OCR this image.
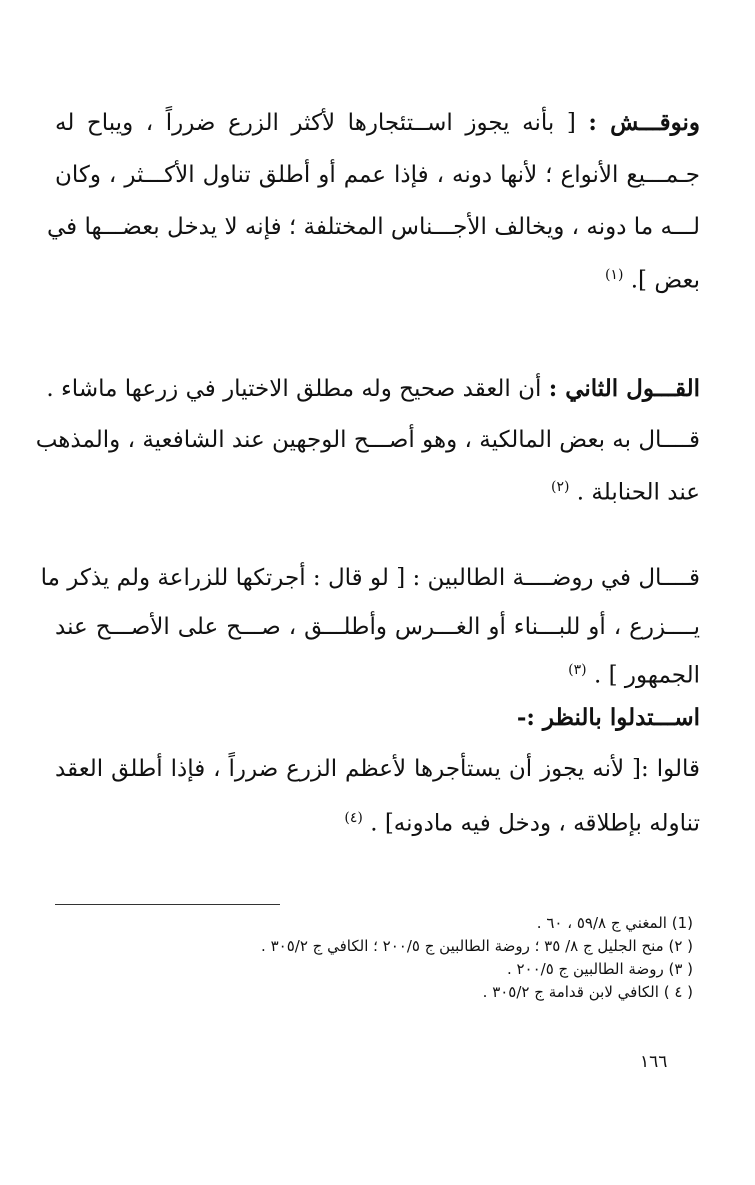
ونوقـــش : [ بأنه يجوز اســتئجارها لأكثر الزرع ضرراً ، ويباح له
جـمـــيع الأنواع ؛ لأنها دونه ، فإذا عمم أو أطلق تناول الأكـــثر ، وكان
لـــه ما دونه ، ويخالف الأجـــناس المختلفة ؛ فإنه لا يدخل بعضـــها في
بعض ]. $^{(١)}$
القـــول الثاني : أن العقد صحيح وله مطلق الاختيار في زرعها ماشاء .
قــــال به بعض المالكية ، وهو أصـــح الوجهين عند الشافعية ، والمذهب
عند الحنابلة . $^{(٢)}$
قــــال في روضــــة الطالبين : [ لو قال : أجرتكها للزراعة ولم يذكر ما
يــــزرع ، أو للبـــناء أو الغـــرس وأطلـــق ، صـــح على الأصـــح عند
الجمهور ] . $^{(٣)}$
اســـتدلوا بالنظر :-
قالوا :[ لأنه يجوز أن يستأجرها لأعظم الزرع ضرراً ، فإذا أطلق العقد
تناوله بإطلاقه ، ودخل فيه مادونه] . $^{(٤)}$
(1) المغني ج ٥٩/٨ ، ٦٠ .
( ٢) منح الجليل ج ٨/ ٣٥ ؛ روضة الطالبين ج ٢٠٠/٥ ؛ الكافي ج ٣٠٥/٢ .
( ٣) روضة الطالبين ج ٢٠٠/٥ .
( ٤ ) الكافي لابن قدامة ج ٣٠٥/٢ .
١٦٦
